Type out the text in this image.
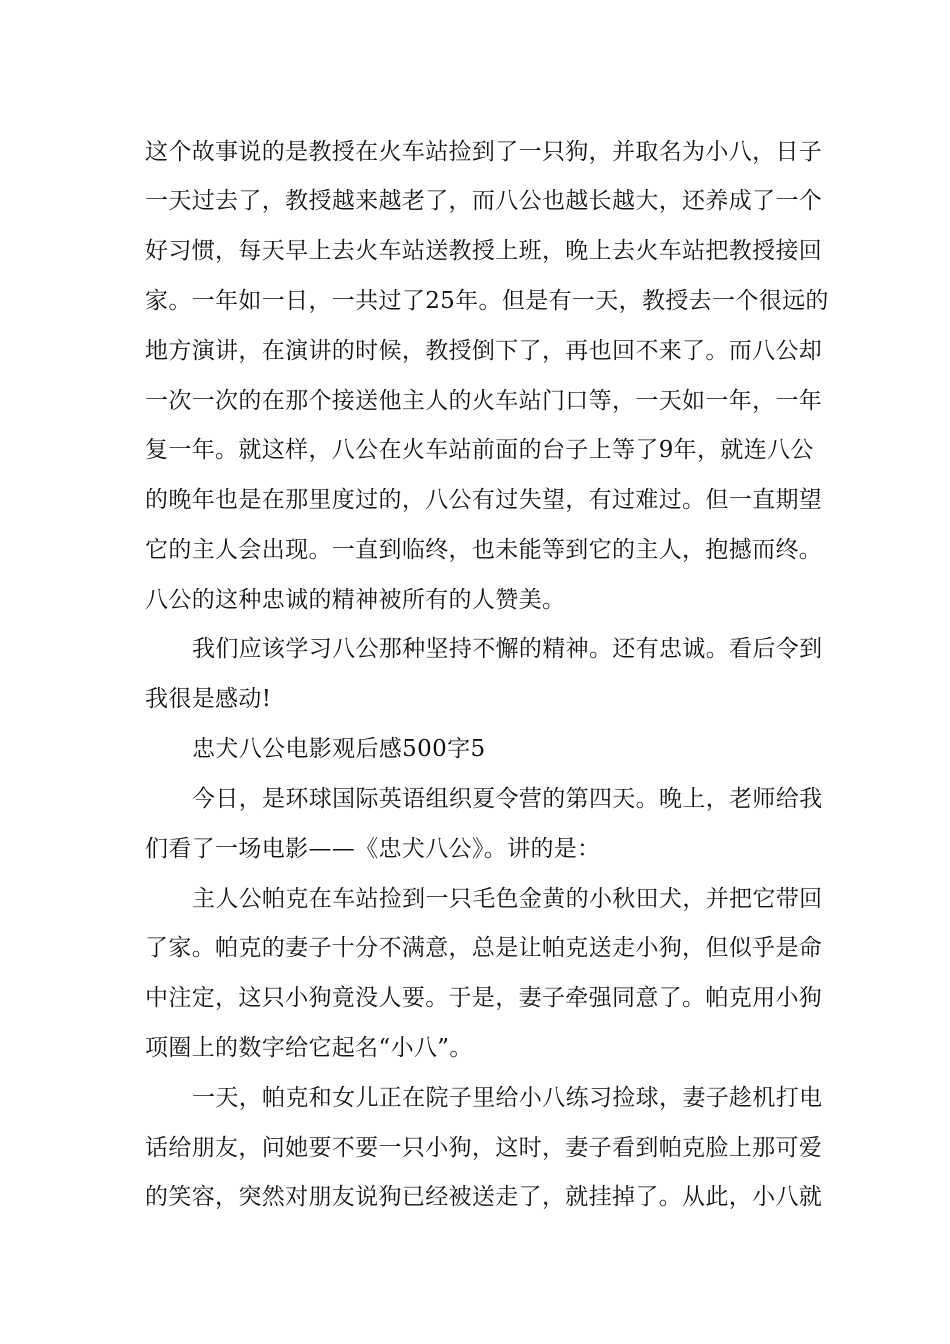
这个故事说的是教授在火车站捡到了一只狗，并取名为小八，日子
一天过去了，教授越来越老了，而八公也越长越大，还养成了一个
好习惯，每天早上去火车站送教授上班，晚上去火车站把教授接回
家。一年如一日，一共过了25年。但是有一天，教授去一个很远的
地方演讲，在演讲的时候，教授倒下了，再也回不来了。而八公却
一次一次的在那个接送他主人的火车站门口等，一天如一年，一年
复一年。就这样，八公在火车站前面的台子上等了9年，就连八公
的晚年也是在那里度过的，八公有过失望，有过难过。但一直期望
它的主人会出现。一直到临终，也未能等到它的主人，抱撼而终。
八公的这种忠诚的精神被所有的人赞美。
我们应该学习八公那种坚持不懈的精神。还有忠诚。看后令到
我很是感动!
忠犬八公电影观后感500字5
今日，是环球国际英语组织夏令营的第四天。晚上，老师给我
们看了一场电影——《忠犬八公》。讲的是：
主人公帕克在车站捡到一只毛色金黄的小秋田犬，并把它带回
了家。帕克的妻子十分不满意，总是让帕克送走小狗，但似乎是命
中注定，这只小狗竟没人要。于是，妻子牵强同意了。帕克用小狗
项圈上的数字给它起名“小八”。
一天，帕克和女儿正在院子里给小八练习捡球，妻子趁机打电
话给朋友，问她要不要一只小狗，这时，妻子看到帕克脸上那可爱
的笑容，突然对朋友说狗已经被送走了，就挂掉了。从此，小八就
